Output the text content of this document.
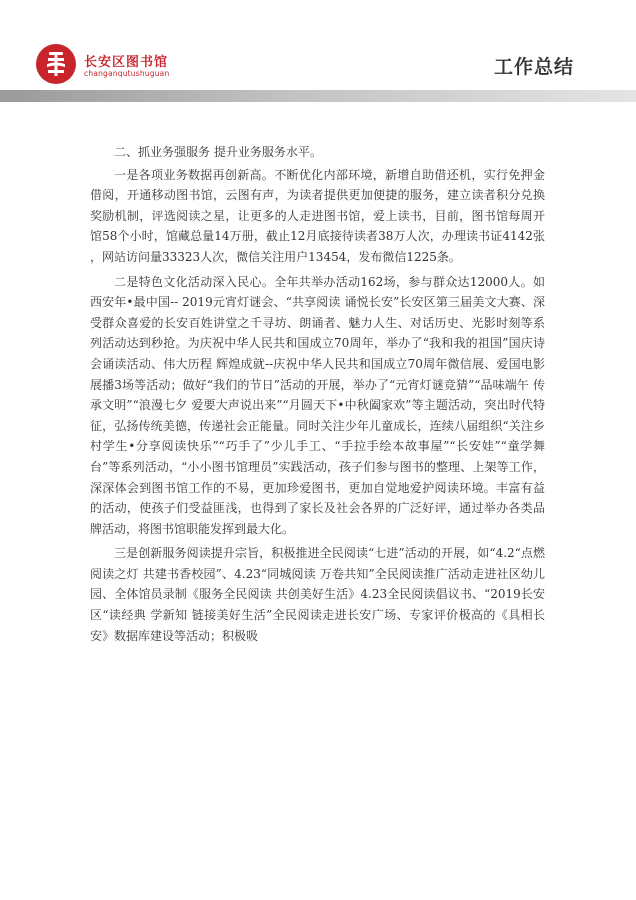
长安区图书馆
changanqutushuguan	工作总结

二、抓业务强服务 提升业务服务水平。

一是各项业务数据再创新高。不断优化内部环境，新增自助借还机，实行免押金借阅，开通移动图书馆，云图有声，为读者提供更加便捷的服务，建立读者积分兑换奖励机制，评选阅读之星，让更多的人走进图书馆，爱上读书，目前，图书馆每周开馆58个小时，馆藏总量14万册，截止12月底接待读者38万人次，办理读书证4142张 ，网站访问量33323人次，微信关注用户13454，发布微信1225条。

二是特色文化活动深入民心。全年共举办活动162场，参与群众达12000人。如西安年•最中国-- 2019元宵灯谜会、“共享阅读 诵悦长安”长安区第三届美文大赛、深受群众喜爱的长安百姓讲堂之千寻坊、朗诵者、魅力人生、对话历史、光影时刻等系列活动达到秒抢。为庆祝中华人民共和国成立70周年，举办了“我和我的祖国”国庆诗会诵读活动、伟大历程 辉煌成就--庆祝中华人民共和国成立70周年微信展、爱国电影展播3场等活动；做好“我们的节日”活动的开展，举办了“元宵灯谜竞猜”“品味端午 传承文明”“浪漫七夕 爱要大声说出来”“月圆天下•中秋阖家欢”等主题活动，突出时代特征，弘扬传统美德，传递社会正能量。同时关注少年儿童成长，连续八届组织“关注乡村学生•分享阅读快乐”“巧手了”少儿手工、“手拉手绘本故事屋”“长安娃”“童学舞台”等系列活动，“小小图书馆理员”实践活动，孩子们参与图书的整理、上架等工作，深深体会到图书馆工作的不易，更加珍爱图书，更加自觉地爱护阅读环境。丰富有益的活动，使孩子们受益匪浅，也得到了家长及社会各界的广泛好评，通过举办各类品牌活动，将图书馆职能发挥到最大化。

三是创新服务阅读提升宗旨，积极推进全民阅读“七进”活动的开展，如“4.2“点燃阅读之灯 共建书香校园”、4.23“同城阅读 万卷共知”全民阅读推广活动走进社区幼儿园、全体馆员录制《服务全民阅读 共创美好生活》4.23全民阅读倡议书、“2019长安区“读经典 学新知 链接美好生活”全民阅读走进长安广场、专家评价极高的《具相长安》数据库建设等活动；积极吸
